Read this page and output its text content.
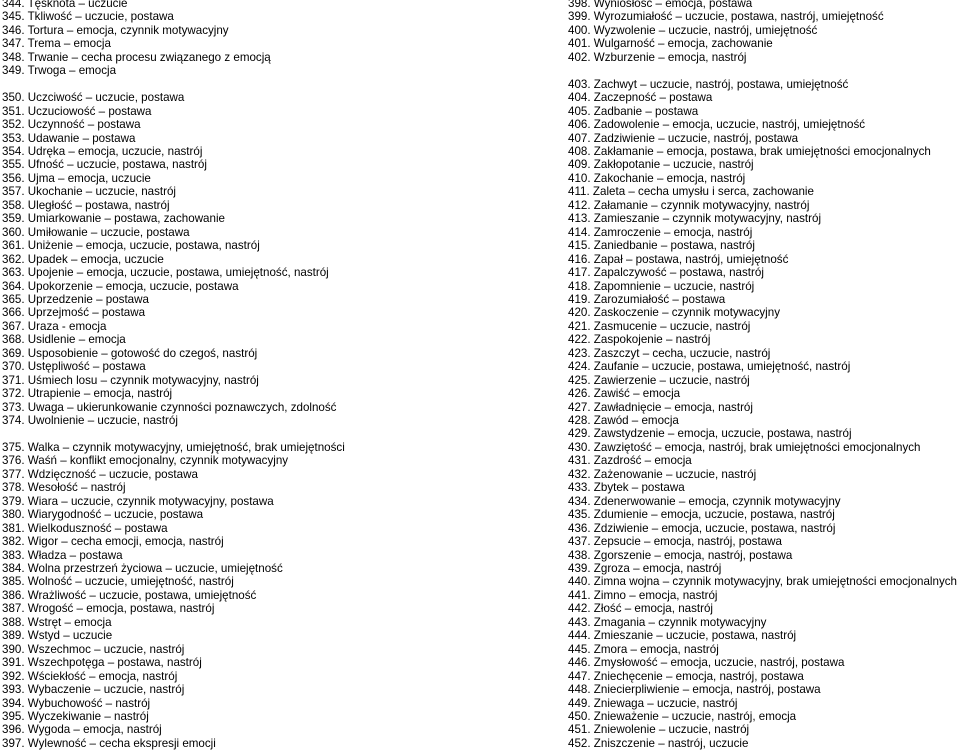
344. Tęsknota – uczucie
345. Tkliwość – uczucie, postawa
346. Tortura – emocja, czynnik motywacyjny
347. Trema – emocja
348. Trwanie – cecha procesu związanego z emocją
349. Trwoga – emocja
350. Uczciwość – uczucie, postawa
351. Uczuciowość – postawa
352. Uczynność – postawa
353. Udawanie – postawa
354. Udręka – emocja, uczucie, nastrój
355. Ufność – uczucie, postawa, nastrój
356. Ujma – emocja, uczucie
357. Ukochanie – uczucie, nastrój
358. Uległość – postawa, nastrój
359. Umiarkowanie – postawa, zachowanie
360. Umiłowanie – uczucie, postawa
361. Uniżenie – emocja, uczucie, postawa, nastrój
362. Upadek – emocja, uczucie
363. Upojenie – emocja, uczucie, postawa, umiejętność, nastrój
364. Upokorzenie – emocja, uczucie, postawa
365. Uprzedzenie – postawa
366. Uprzejmość – postawa
367. Uraza - emocja
368. Usidlenie – emocja
369. Usposobienie – gotowość do czegoś, nastrój
370. Ustępliwość – postawa
371. Uśmiech losu – czynnik motywacyjny, nastrój
372. Utrapienie – emocja, nastrój
373. Uwaga – ukierunkowanie czynności poznawczych, zdolność
374. Uwolnienie – uczucie, nastrój
375. Walka – czynnik motywacyjny, umiejętność, brak umiejętności
376. Waśń – konflikt emocjonalny, czynnik motywacyjny
377. Wdzięczność – uczucie, postawa
378. Wesołość – nastrój
379. Wiara – uczucie, czynnik motywacyjny, postawa
380. Wiarygodność – uczucie, postawa
381. Wielkoduszność – postawa
382. Wigor – cecha emocji, emocja, nastrój
383. Władza – postawa
384. Wolna przestrzeń życiowa – uczucie, umiejętność
385. Wolność – uczucie, umiejętność, nastrój
386. Wrażliwość – uczucie, postawa, umiejętność
387. Wrogość – emocja, postawa, nastrój
388. Wstręt – emocja
389. Wstyd – uczucie
390. Wszechmoc – uczucie, nastrój
391. Wszechpotęga – postawa, nastrój
392. Wściekłość – emocja, nastrój
393. Wybaczenie – uczucie, nastrój
394. Wybuchowość – nastrój
395. Wyczekiwanie – nastrój
396. Wygoda – emocja, nastrój
397. Wylewność – cecha ekspresji emocji
398. Wyniosłość – emocja, postawa
399. Wyrozumiałość – uczucie, postawa, nastrój, umiejętność
400. Wyzwolenie – uczucie, nastrój, umiejętność
401. Wulgarność – emocja, zachowanie
402. Wzburzenie – emocja, nastrój
403. Zachwyt – uczucie, nastrój, postawa, umiejętność
404. Zaczepność – postawa
405. Zadbanie – postawa
406. Zadowolenie – emocja, uczucie, nastrój, umiejętność
407. Zadziwienie – uczucie, nastrój, postawa
408. Zakłamanie – emocja, postawa, brak umiejętności emocjonalnych
409. Zakłopotanie – uczucie, nastrój
410. Zakochanie – emocja, nastrój
411. Zaleta – cecha umysłu i serca, zachowanie
412. Załamanie – czynnik motywacyjny, nastrój
413. Zamieszanie – czynnik motywacyjny, nastrój
414. Zamroczenie – emocja, nastrój
415. Zaniedbanie – postawa, nastrój
416. Zapał – postawa, nastrój, umiejętność
417. Zapalczywość – postawa, nastrój
418. Zapomnienie – uczucie, nastrój
419. Zarozumiałość – postawa
420. Zaskoczenie – czynnik motywacyjny
421. Zasmucenie – uczucie, nastrój
422. Zaspokojenie – nastrój
423. Zaszczyt – cecha, uczucie, nastrój
424. Zaufanie – uczucie, postawa, umiejętność, nastrój
425. Zawierzenie – uczucie, nastrój
426. Zawiść – emocja
427. Zawładnięcie – emocja, nastrój
428. Zawód – emocja
429. Zawstydzenie – emocja, uczucie, postawa, nastrój
430. Zawziętość – emocja, nastrój, brak umiejętności emocjonalnych
431. Zazdrość – emocja
432. Zażenowanie – uczucie, nastrój
433. Zbytek – postawa
434. Zdenerwowanie – emocja, czynnik motywacyjny
435. Zdumienie – emocja, uczucie, postawa, nastrój
436. Zdziwienie – emocja, uczucie, postawa, nastrój
437. Zepsucie – emocja, nastrój, postawa
438. Zgorszenie – emocja, nastrój, postawa
439. Zgroza – emocja, nastrój
440. Zimna wojna – czynnik motywacyjny, brak umiejętności emocjonalnych
441. Zimno – emocja, nastrój
442. Złość – emocja, nastrój
443. Zmagania – czynnik motywacyjny
444. Zmieszanie – uczucie, postawa, nastrój
445. Zmora – emocja, nastrój
446. Zmysłowość – emocja, uczucie, nastrój, postawa
447. Zniechęcenie – emocja, nastrój, postawa
448. Zniecierpliwienie – emocja, nastrój, postawa
449. Zniewaga – uczucie, nastrój
450. Znieważenie – uczucie, nastrój, emocja
451. Zniewolenie – uczucie, nastrój
452. Zniszczenie – nastrój, uczucie
